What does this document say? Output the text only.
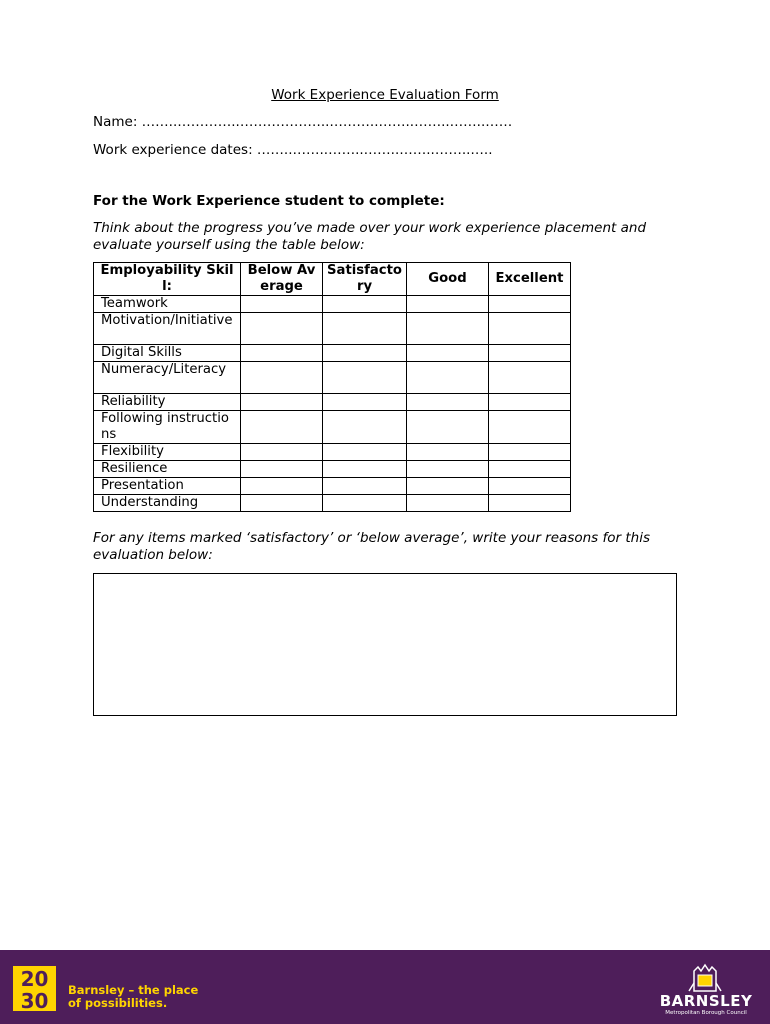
Work Experience Evaluation Form
Name: ……..…………..………………..………..……..……..……..……
Work experience dates: ……..……..……..……..……..……..…..
For the Work Experience student to complete:
Think about the progress you’ve made over your work experience placement and evaluate yourself using the table below:
Employability Skill:	Below Average	Satisfactory	Good	Excellent
Teamwork				
Motivation/Initiative				
Digital Skills				
Numeracy/Literacy				
Reliability				
Following instructions				
Flexibility				
Resilience				
Presentation				
Understanding				
For any items marked ‘satisfactory’ or ‘below average’, write your reasons for this evaluation below:
20
30 Barnsley – the place
of possibilities.	BARNSLEY
Metropolitan Borough Council
